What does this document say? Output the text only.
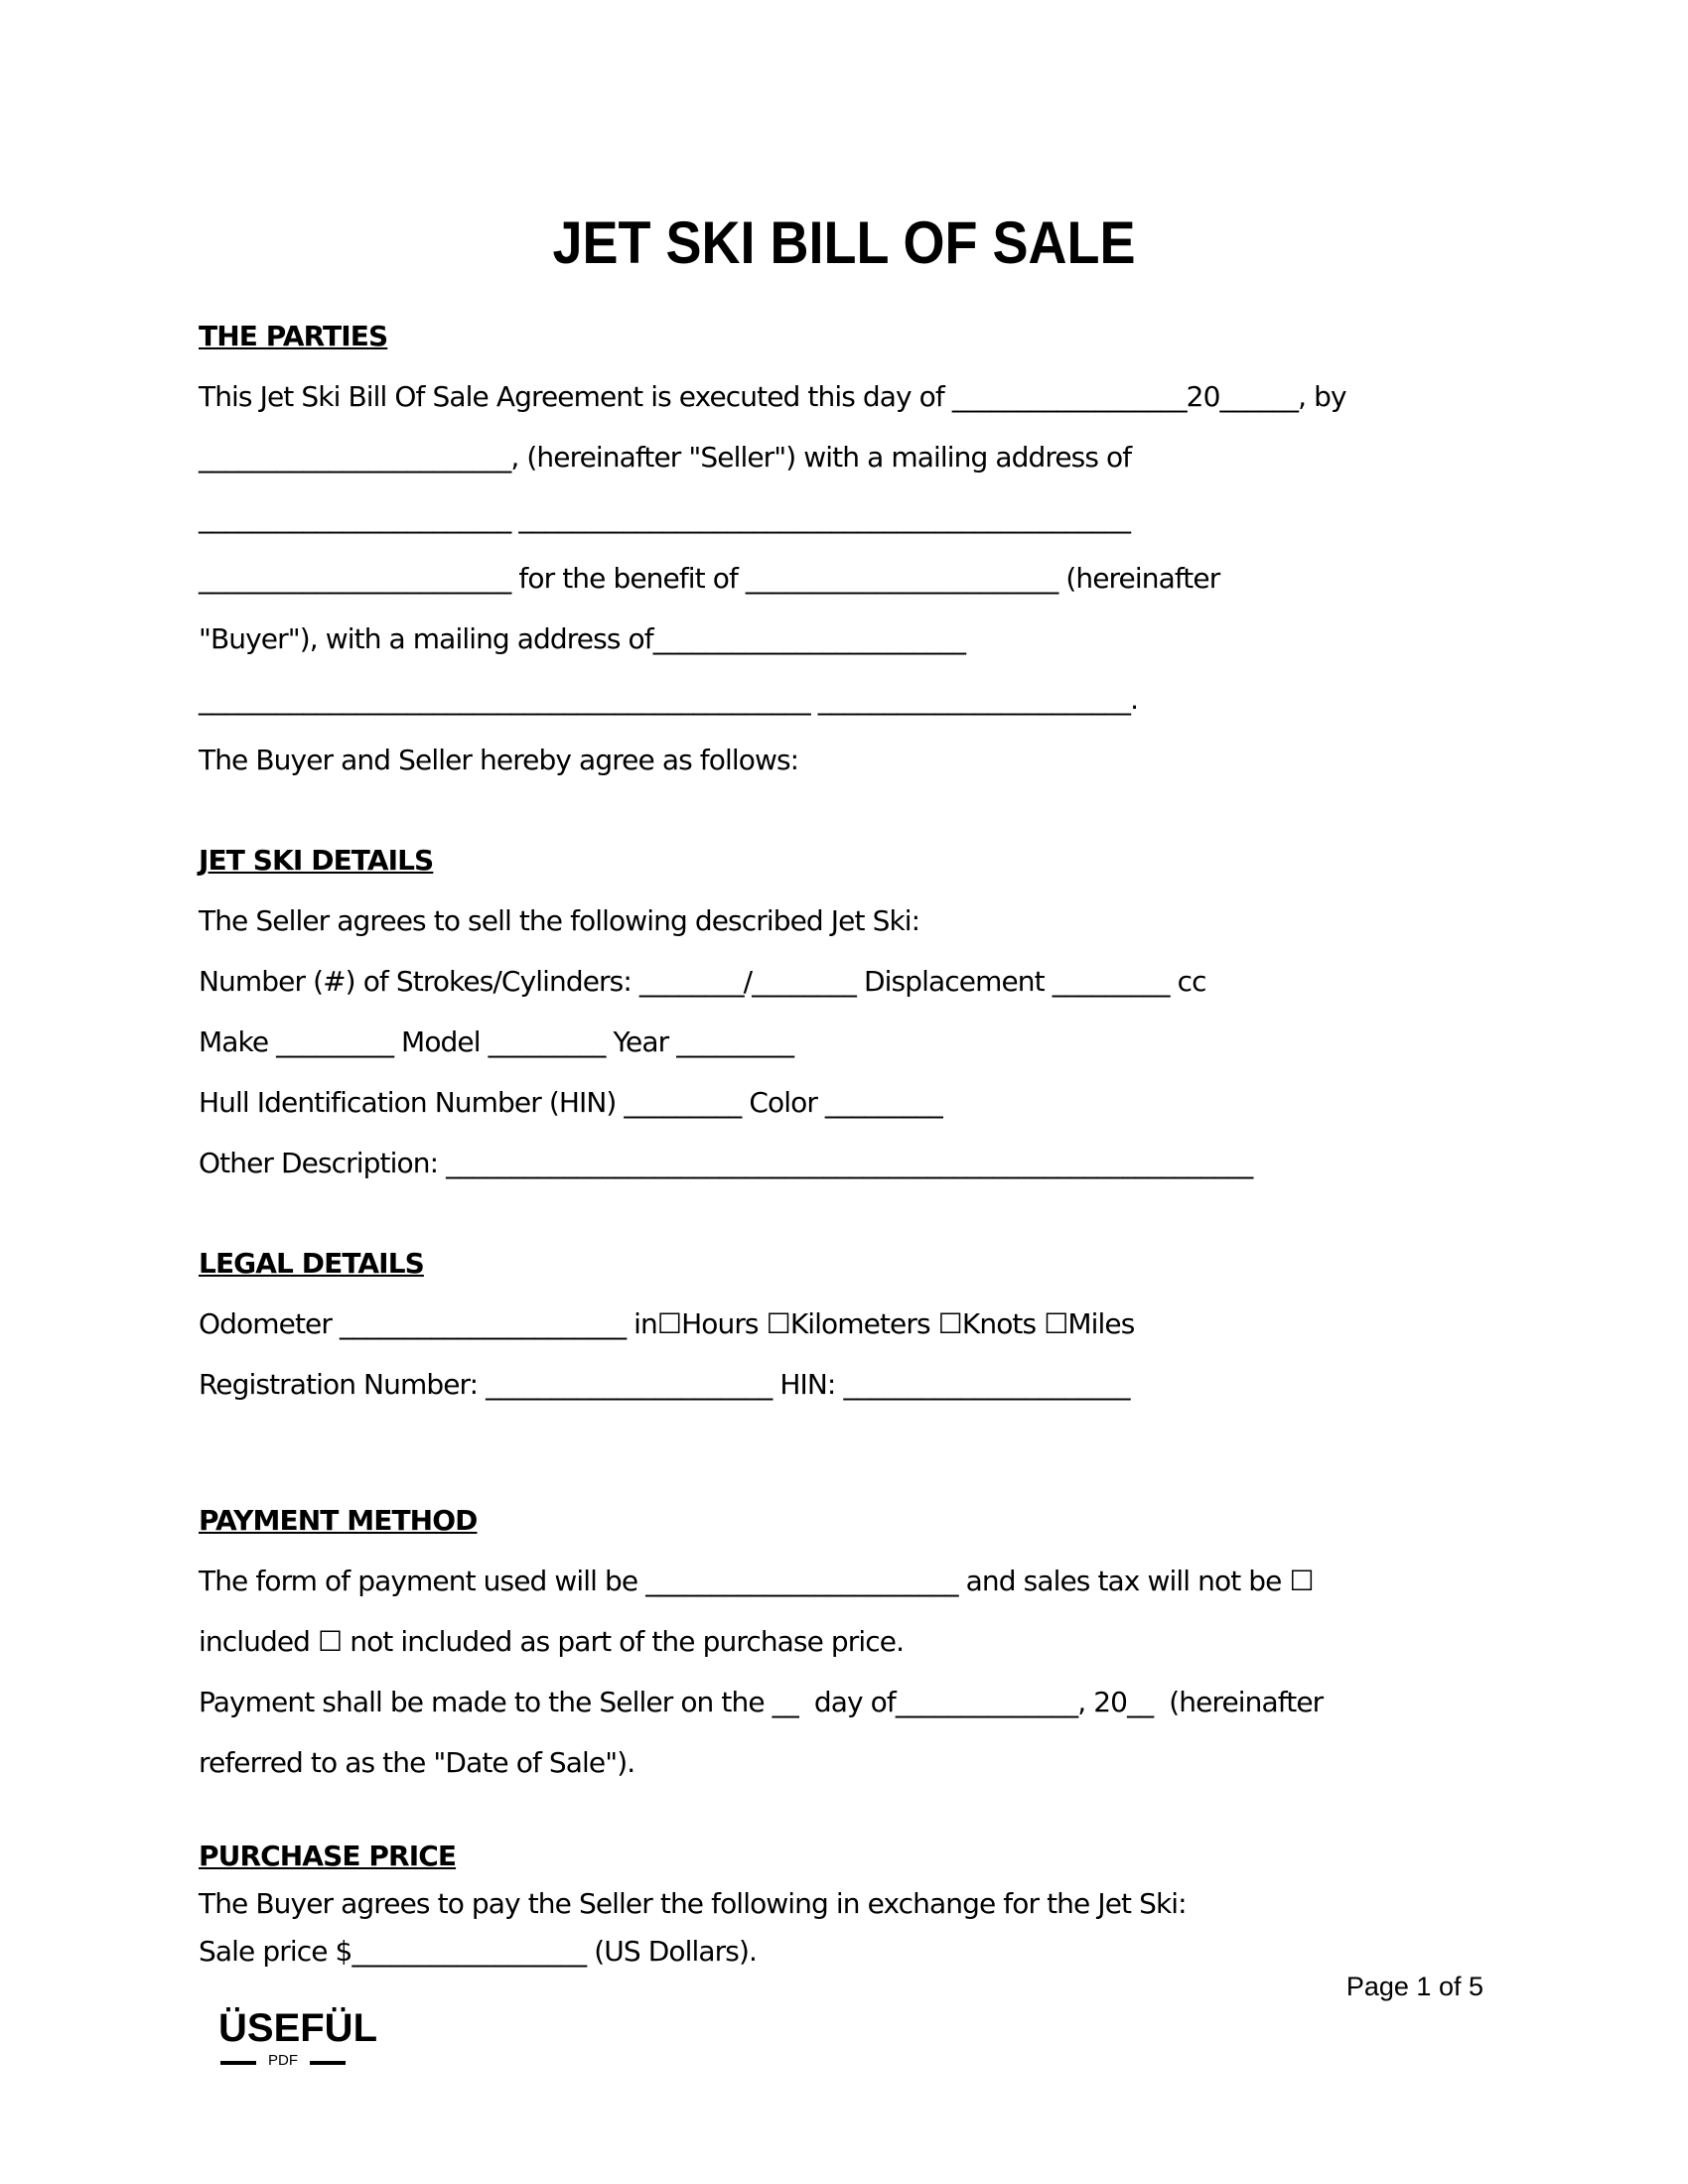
JET SKI BILL OF SALE
THE PARTIES
This Jet Ski Bill Of Sale Agreement is executed this day of __________________20______, by
________________________, (hereinafter "Seller") with a mailing address of
________________________ _______________________________________________
________________________ for the benefit of ________________________ (hereinafter
"Buyer"), with a mailing address of________________________
_______________________________________________ ________________________.
The Buyer and Seller hereby agree as follows:
JET SKI DETAILS
The Seller agrees to sell the following described Jet Ski:
Number (#) of Strokes/Cylinders: ________/________ Displacement _________ cc
Make _________ Model _________ Year _________
Hull Identification Number (HIN) _________ Color _________
Other Description: ______________________________________________________________
LEGAL DETAILS
Odometer ______________________ in☐Hours ☐Kilometers ☐Knots ☐Miles
Registration Number: ______________________ HIN: ______________________
PAYMENT METHOD
The form of payment used will be ________________________ and sales tax will not be ☐
included ☐ not included as part of the purchase price.
Payment shall be made to the Seller on the __  day of______________, 20__  (hereinafter
referred to as the "Date of Sale").
PURCHASE PRICE
The Buyer agrees to pay the Seller the following in exchange for the Jet Ski:
Sale price $__________________ (US Dollars).
Page 1 of 5
ÜSEFÜL
PDF
